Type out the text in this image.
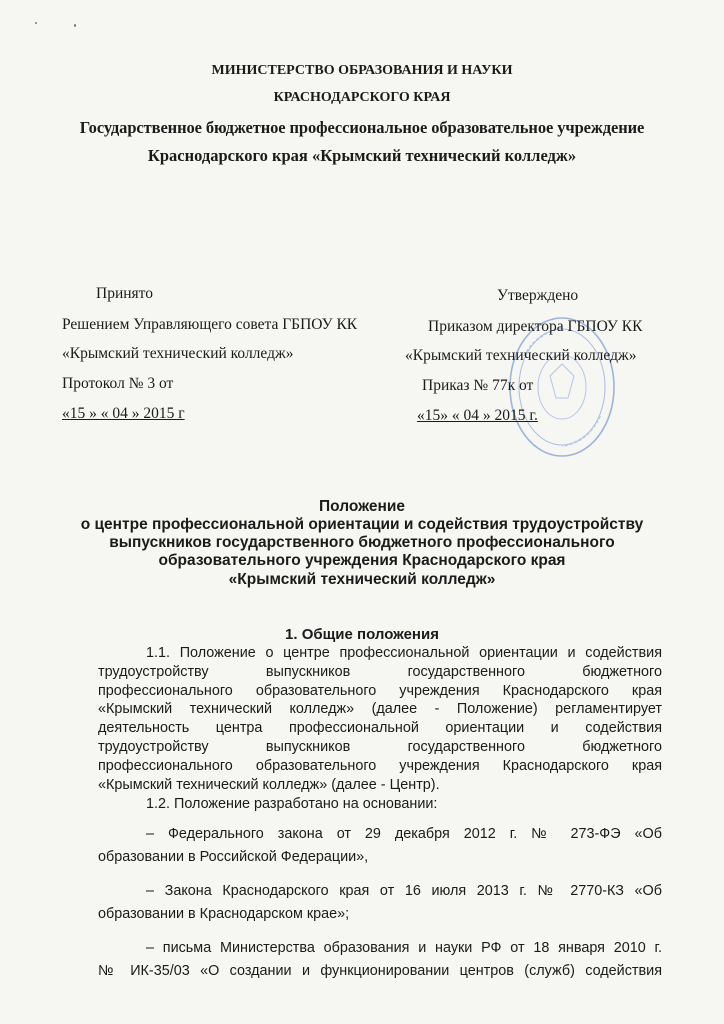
МИНИСТЕРСТВО ОБРАЗОВАНИЯ И НАУКИ
КРАСНОДАРСКОГО КРАЯ
Государственное бюджетное профессиональное образовательное учреждение
Краснодарского края «Крымский технический колледж»
Принято
Решением Управляющего совета ГБПОУ КК
«Крымский технический колледж»
Протокол № 3 от
«15 » « 04 » 2015 г
Утверждено
Приказом директора ГБПОУ КК
«Крымский технический колледж»
Приказ № 77к от
«15» « 04 » 2015 г.
Положение
о центре профессиональной ориентации и содействия трудоустройству
выпускников государственного бюджетного профессионального
образовательного учреждения Краснодарского края
«Крымский технический колледж»
1. Общие положения
1.1. Положение о центре профессиональной ориентации и содействия
трудоустройству выпускников государственного бюджетного
профессионального образовательного учреждения Краснодарского края
«Крымский технический колледж» (далее - Положение) регламентирует
деятельность центра профессиональной ориентации и содействия
трудоустройству выпускников государственного бюджетного
профессионального образовательного учреждения Краснодарского края
«Крымский технический колледж» (далее - Центр).
1.2. Положение разработано на основании:
– Федерального закона от 29 декабря 2012 г. № 273-ФЭ «Об
образовании в Российской Федерации»,
– Закона Краснодарского края от 16 июля 2013 г. № 2770-КЗ «Об
образовании в Краснодарском крае»;
– письма Министерства образования и науки РФ от 18 января 2010 г.
№ ИК-35/03 «О создании и функционировании центров (служб) содействия
